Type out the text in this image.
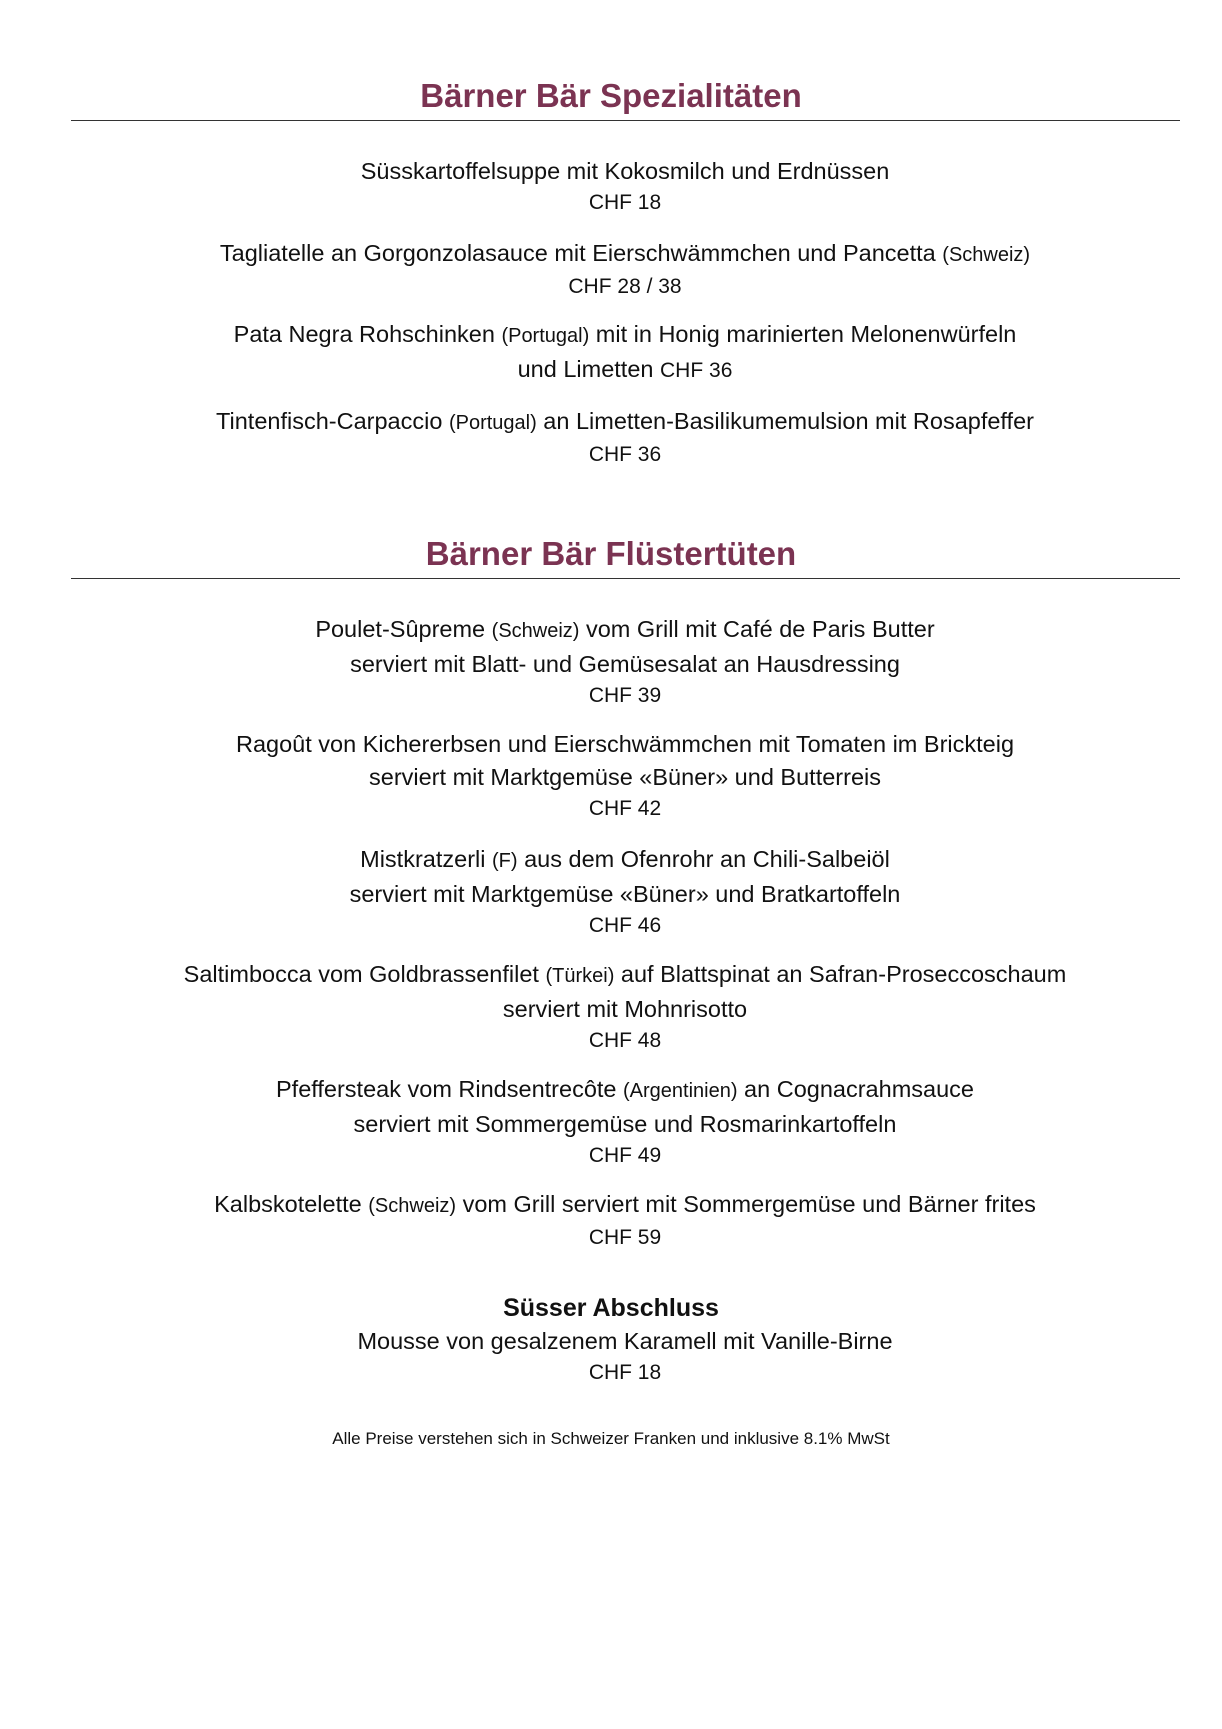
Bärner Bär Spezialitäten
Süsskartoffelsuppe mit Kokosmilch und Erdnüssen
CHF 18
Tagliatelle an Gorgonzolasauce mit Eierschwämmchen und Pancetta (Schweiz)
CHF 28 / 38
Pata Negra Rohschinken (Portugal) mit in Honig marinierten Melonenwürfeln
und Limetten CHF 36
Tintenfisch-Carpaccio (Portugal) an Limetten-Basilikumemulsion mit Rosapfeffer
CHF 36
Bärner Bär Flüstertüten
Poulet-Sûpreme (Schweiz) vom Grill mit Café de Paris Butter
serviert mit Blatt- und Gemüsesalat an Hausdressing
CHF 39
Ragoût von Kichererbsen und Eierschwämmchen mit Tomaten im Brickteig
serviert mit Marktgemüse «Büner» und Butterreis
CHF 42
Mistkratzerli (F) aus dem Ofenrohr an Chili-Salbeiöl
serviert mit Marktgemüse «Büner» und Bratkartoffeln
CHF 46
Saltimbocca vom Goldbrassenfilet (Türkei) auf Blattspinat an Safran-Proseccoschaum
serviert mit Mohnrisotto
CHF 48
Pfeffersteak vom Rindsentrecôte (Argentinien) an Cognacrahmsauce
serviert mit Sommergemüse und Rosmarinkartoffeln
CHF 49
Kalbskotelette (Schweiz) vom Grill serviert mit Sommergemüse und Bärner frites
CHF 59
Süsser Abschluss
Mousse von gesalzenem Karamell mit Vanille-Birne
CHF 18
Alle Preise verstehen sich in Schweizer Franken und inklusive 8.1% MwSt
